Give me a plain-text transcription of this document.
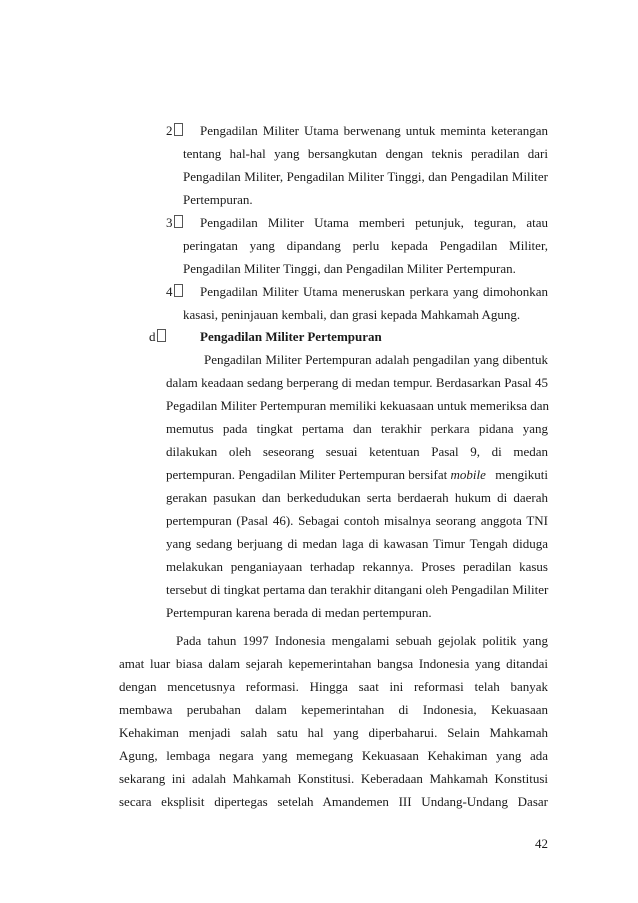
2	Pengadilan Militer Utama berwenang untuk meminta keterangan
tentang hal-hal yang bersangkutan dengan teknis peradilan dari
Pengadilan Militer, Pengadilan Militer Tinggi, dan Pengadilan Militer
Pertempuran.
3	Pengadilan Militer Utama memberi petunjuk, teguran, atau
peringatan yang dipandang perlu kepada Pengadilan Militer,
Pengadilan Militer Tinggi, dan Pengadilan Militer Pertempuran.
4	Pengadilan Militer Utama meneruskan perkara yang dimohonkan
kasasi, peninjauan kembali, dan grasi kepada Mahkamah Agung.
d	Pengadilan Militer Pertempuran
Pengadilan Militer Pertempuran adalah pengadilan yang dibentuk
dalam keadaan sedang berperang di medan tempur. Berdasarkan Pasal 45
Pegadilan Militer Pertempuran memiliki kekuasaan untuk memeriksa dan
memutus pada tingkat pertama dan terakhir perkara pidana yang
dilakukan oleh seseorang sesuai ketentuan Pasal 9, di medan
pertempuran. Pengadilan Militer Pertempuran bersifat mobile mengikuti
gerakan pasukan dan berkedudukan serta berdaerah hukum di daerah
pertempuran (Pasal 46). Sebagai contoh misalnya seorang anggota TNI
yang sedang berjuang di medan laga di kawasan Timur Tengah diduga
melakukan penganiayaan terhadap rekannya. Proses peradilan kasus
tersebut di tingkat pertama dan terakhir ditangani oleh Pengadilan Militer
Pertempuran karena berada di medan pertempuran.
Pada tahun 1997 Indonesia mengalami sebuah gejolak politik yang
amat luar biasa dalam sejarah kepemerintahan bangsa Indonesia yang ditandai
dengan mencetusnya reformasi. Hingga saat ini reformasi telah banyak
membawa perubahan dalam kepemerintahan di Indonesia, Kekuasaan
Kehakiman menjadi salah satu hal yang diperbaharui. Selain Mahkamah
Agung, lembaga negara yang memegang Kekuasaan Kehakiman yang ada
sekarang ini adalah Mahkamah Konstitusi. Keberadaan Mahkamah Konstitusi
secara eksplisit dipertegas setelah Amandemen III Undang-Undang Dasar
42
